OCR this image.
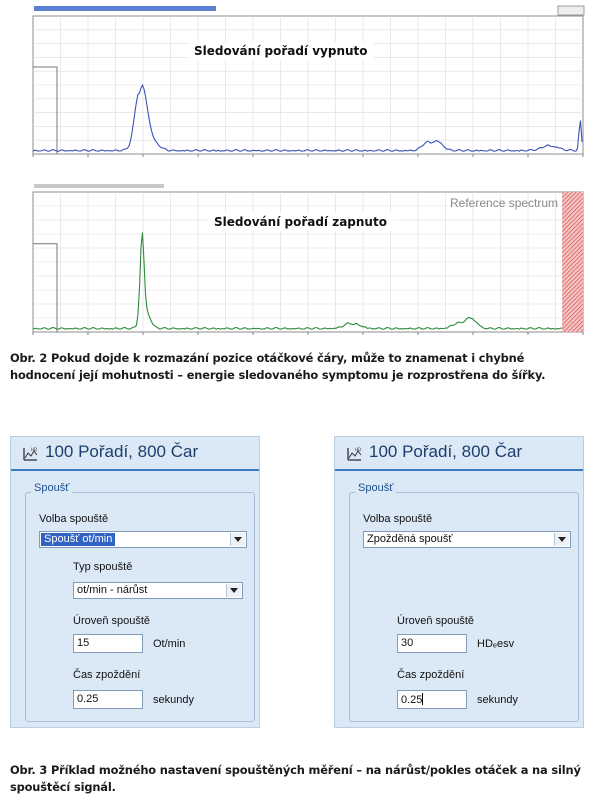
Sledování pořadí vypnuto
Sledování pořadí zapnuto
Reference spectrum
Obr. 2 Pokud dojde k rozmazání pozice otáčkové čáry, může to znamenat i chybné hodnocení její mohutnosti – energie sledovaného symptomu je rozprostřena do šířky.
HD 100 Pořadí, 800 Čar
Spoušť
Volba spouště
Spoušť ot/min
Typ spouště
ot/min - nárůst
Úroveň spouště
15	Ot/min
Čas zpoždění
0.25	sekundy
HD 100 Pořadí, 800 Čar
Spoušť
Volba spouště
Zpožděná spoušť
Úroveň spouště
30	HDₑesv
Čas zpoždění
0.25	sekundy
Obr. 3 Příklad možného nastavení spouštěných měření – na nárůst/pokles otáček a na silný spouštěcí signál.
